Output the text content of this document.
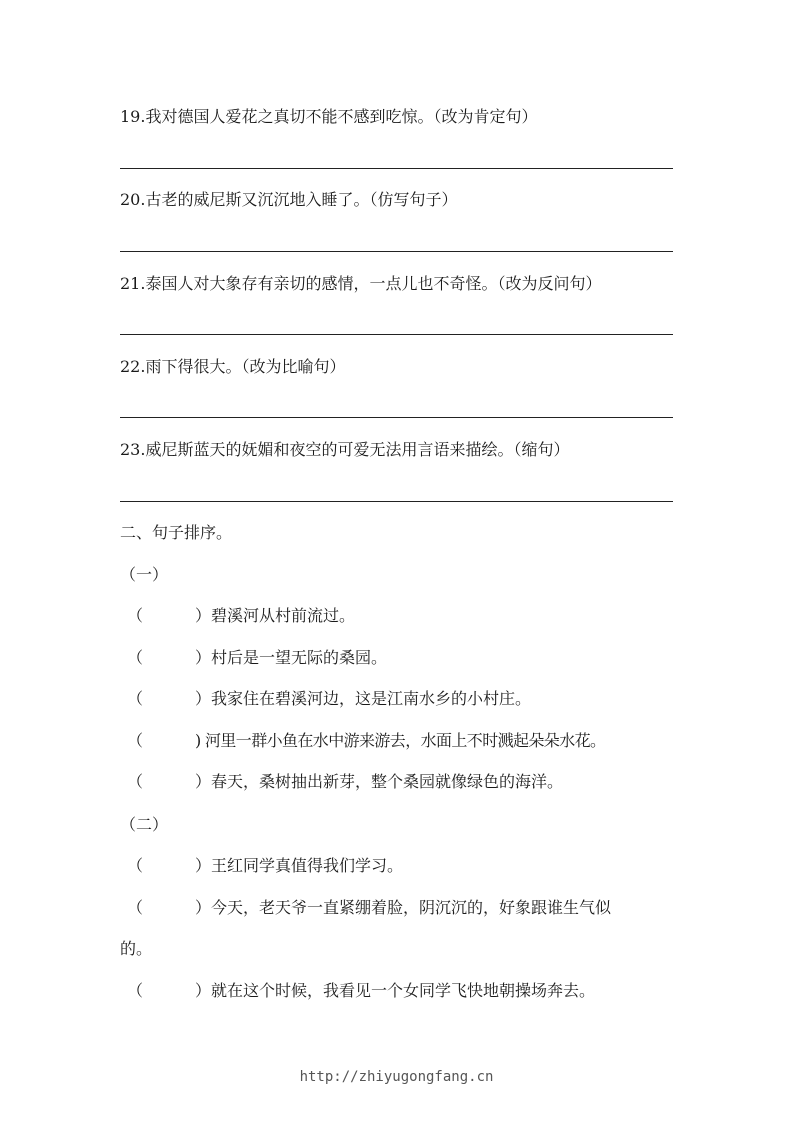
19.我对德国人爱花之真切不能不感到吃惊。（改为肯定句）
20.古老的威尼斯又沉沉地入睡了。（仿写句子）
21.泰国人对大象存有亲切的感情，一点儿也不奇怪。（改为反问句）
22.雨下得很大。（改为比喻句）
23.威尼斯蓝天的妩媚和夜空的可爱无法用言语来描绘。（缩句）
二、句子排序。
（一）
（	）碧溪河从村前流过。
（	）村后是一望无际的桑园。
（	）我家住在碧溪河边，这是江南水乡的小村庄。
（	) 河里一群小鱼在水中游来游去，水面上不时溅起朵朵水花。
（	）春天，桑树抽出新芽，整个桑园就像绿色的海洋。
（二）
（	）王红同学真值得我们学习。
（	）今天，老天爷一直紧绷着脸，阴沉沉的，好象跟谁生气似
的。
（	）就在这个时候，我看见一个女同学飞快地朝操场奔去。
http://zhiyugongfang.cn
